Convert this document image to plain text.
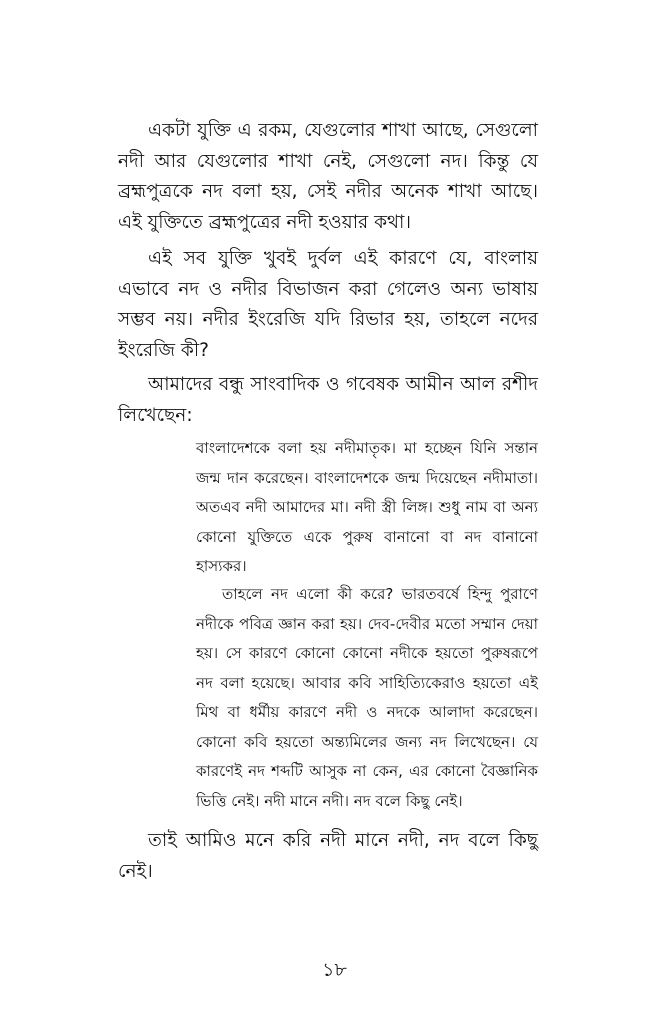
একটা যুক্তি এ রকম, যেগুলোর শাখা আছে, সেগুলো নদী আর যেগুলোর শাখা নেই, সেগুলো নদ। কিন্তু যে ব্রহ্মপুত্রকে নদ বলা হয়, সেই নদীর অনেক শাখা আছে। এই যুক্তিতে ব্রহ্মপুত্রের নদী হওয়ার কথা।

এই সব যুক্তি খুবই দুর্বল এই কারণে যে, বাংলায় এভাবে নদ ও নদীর বিভাজন করা গেলেও অন্য ভাষায় সম্ভব নয়। নদীর ইংরেজি যদি রিভার হয়, তাহলে নদের ইংরেজি কী?

আমাদের বন্ধু সাংবাদিক ও গবেষক আমীন আল রশীদ লিখেছেন:

বাংলাদেশকে বলা হয় নদীমাতৃক। মা হচ্ছেন যিনি সন্তান জন্ম দান করেছেন। বাংলাদেশকে জন্ম দিয়েছেন নদীমাতা। অতএব নদী আমাদের মা। নদী স্ত্রী লিঙ্গ। শুধু নাম বা অন্য কোনো যুক্তিতে একে পুরুষ বানানো বা নদ বানানো হাস্যকর।

তাহলে নদ এলো কী করে? ভারতবর্ষে হিন্দু পুরাণে নদীকে পবিত্র জ্ঞান করা হয়। দেব-দেবীর মতো সম্মান দেয়া হয়। সে কারণে কোনো কোনো নদীকে হয়তো পুরুষরূপে নদ বলা হয়েছে। আবার কবি সাহিত্যিকেরাও হয়তো এই মিথ বা ধর্মীয় কারণে নদী ও নদকে আলাদা করেছেন। কোনো কবি হয়তো অন্ত্যমিলের জন্য নদ লিখেছেন। যে কারণেই নদ শব্দটি আসুক না কেন, এর কোনো বৈজ্ঞানিক ভিত্তি নেই। নদী মানে নদী। নদ বলে কিছু নেই।

তাই আমিও মনে করি নদী মানে নদী, নদ বলে কিছু নেই।

১৮
